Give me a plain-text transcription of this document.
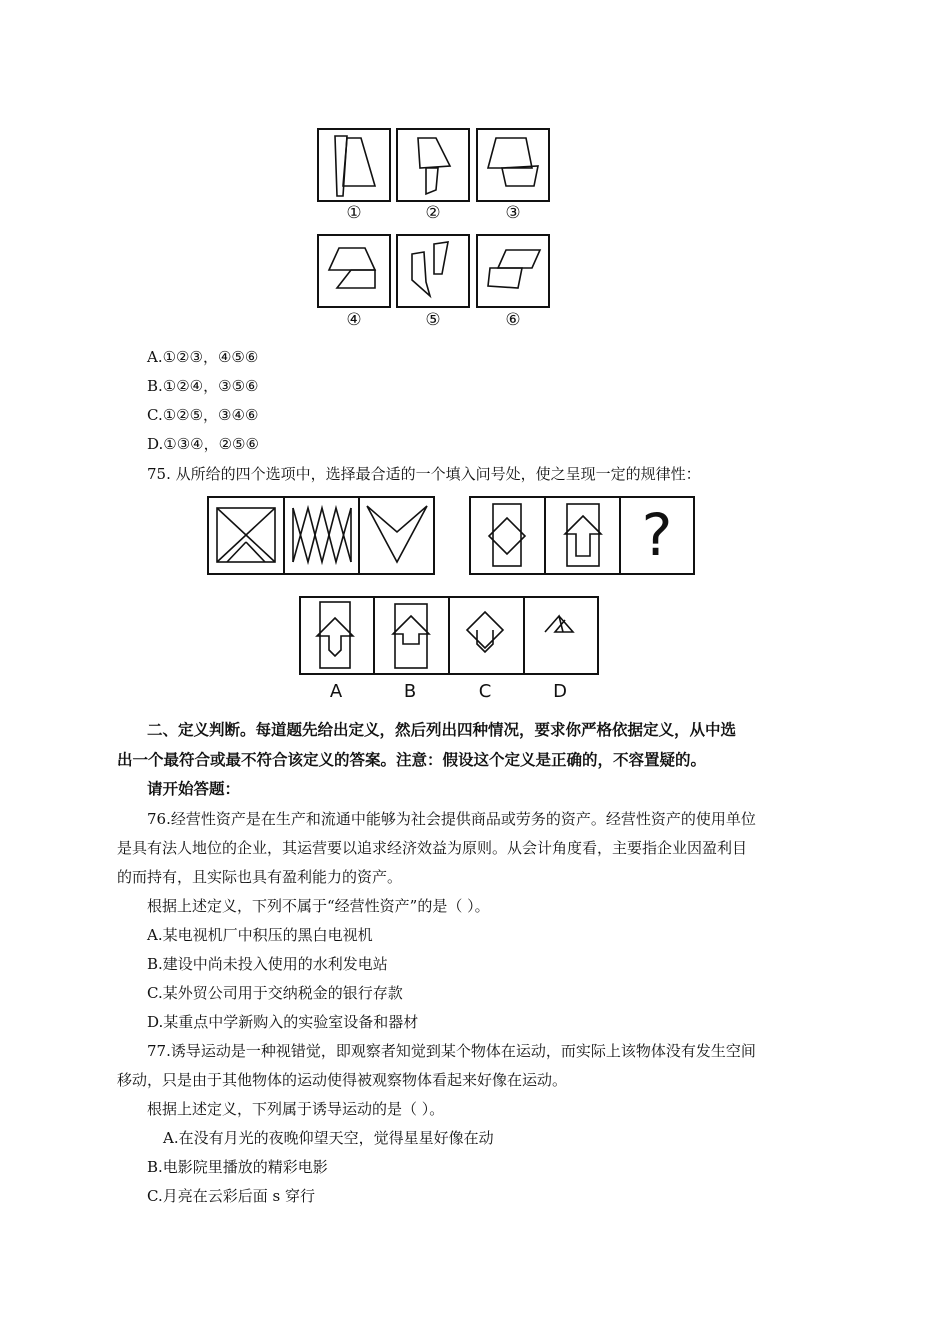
①	②	③
④	⑤	⑥
A.①②③，④⑤⑥
B.①②④，③⑤⑥
C.①②⑤，③④⑥
D.①③④，②⑤⑥
75. 从所给的四个选项中，选择最合适的一个填入问号处，使之呈现一定的规律性：
?
A	B	C	D
二、定义判断。每道题先给出定义，然后列出四种情况，要求你严格依据定义，从中选
出一个最符合或最不符合该定义的答案。注意：假设这个定义是正确的，不容置疑的。
请开始答题：
76.经营性资产是在生产和流通中能够为社会提供商品或劳务的资产。经营性资产的使用单位
是具有法人地位的企业，其运营要以追求经济效益为原则。从会计角度看，主要指企业因盈利目
的而持有，且实际也具有盈利能力的资产。
根据上述定义，下列不属于“经营性资产”的是（ ）。
A.某电视机厂中积压的黑白电视机
B.建设中尚未投入使用的水利发电站
C.某外贸公司用于交纳税金的银行存款
D.某重点中学新购入的实验室设备和器材
77.诱导运动是一种视错觉，即观察者知觉到某个物体在运动，而实际上该物体没有发生空间
移动，只是由于其他物体的运动使得被观察物体看起来好像在运动。
根据上述定义，下列属于诱导运动的是（ ）。
A.在没有月光的夜晚仰望天空，觉得星星好像在动
B.电影院里播放的精彩电影
C.月亮在云彩后面 s 穿行
